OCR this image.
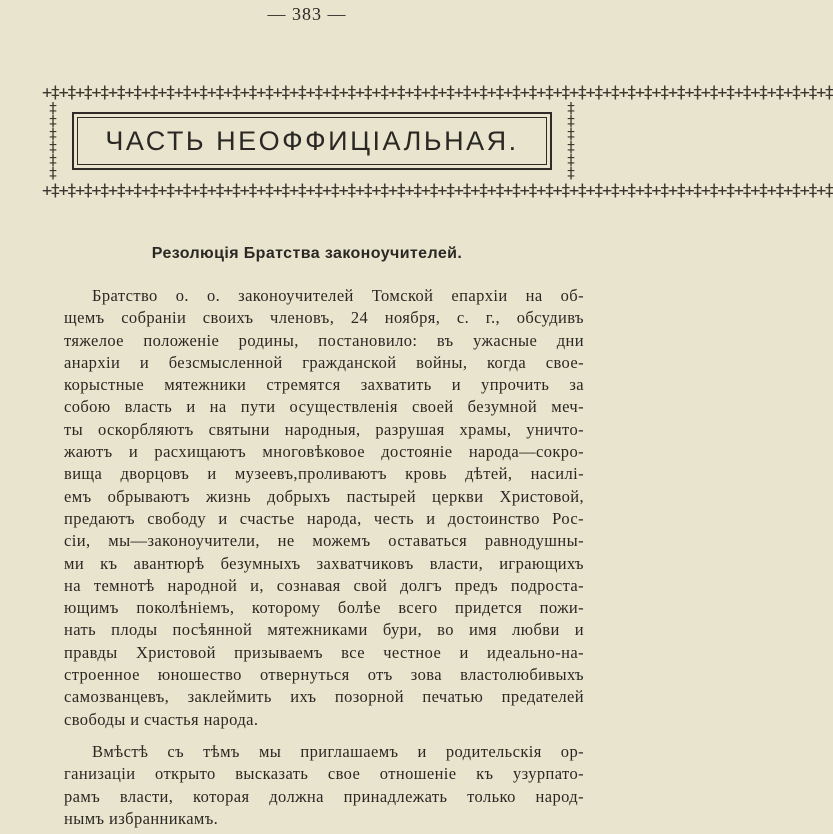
— 383 —
+‡+‡+‡+‡+‡+‡+‡+‡+‡+‡+‡+‡+‡+‡+‡+‡+‡+‡+‡+‡+‡+‡+‡+‡+‡+‡+‡+‡+‡+‡+‡+‡+‡+‡+‡+‡+‡+‡+‡+‡+‡+‡+‡+‡+‡+‡+‡+‡
‡
‡
‡
‡
‡
‡
‡
‡
‡
‡
‡
‡
ЧАСТЬ НЕОФФИЦІАЛЬНАЯ.
+‡+‡+‡+‡+‡+‡+‡+‡+‡+‡+‡+‡+‡+‡+‡+‡+‡+‡+‡+‡+‡+‡+‡+‡+‡+‡+‡+‡+‡+‡+‡+‡+‡+‡+‡+‡+‡+‡+‡+‡+‡+‡+‡+‡+‡+‡+‡+‡
Резолюція Братства законоучителей.
Братство о. о. законоучителей Томской епархіи на об-
щемъ собраніи своихъ членовъ, 24 ноября, с. г., обсудивъ
тяжелое положеніе родины, постановило: въ ужасные дни
анархіи и безсмысленной гражданской войны, когда свое-
корыстные мятежники стремятся захватить и упрочить за
собою власть и на пути осуществленія своей безумной меч-
ты оскорбляютъ святыни народныя, разрушая храмы, уничто-
жаютъ и расхищаютъ многовѣковое достояніе народа—сокро-
вища дворцовъ и музеевъ,проливаютъ кровь дѣтей, насилі-
емъ обрываютъ жизнь добрыхъ пастырей церкви Христовой,
предаютъ свободу и счастье народа, честь и достоинство Рос-
сіи, мы—законоучители, не можемъ оставаться равнодушны-
ми къ авантюрѣ безумныхъ захватчиковъ власти, играющихъ
на темнотѣ народной и, сознавая свой долгъ предъ подроста-
ющимъ поколѣніемъ, которому болѣе всего придется пожи-
нать плоды посѣянной мятежниками бури, во имя любви и
правды Христовой призываемъ все честное и идеально-на-
строенное юношество отвернуться отъ зова властолюбивыхъ
самозванцевъ, заклеймить ихъ позорной печатью предателей
свободы и счастья народа.
Вмѣстѣ съ тѣмъ мы приглашаемъ и родительскія ор-
ганизаціи открыто высказать свое отношеніе къ узурпато-
рамъ власти, которая должна принадлежать только народ-
нымъ избранникамъ.
